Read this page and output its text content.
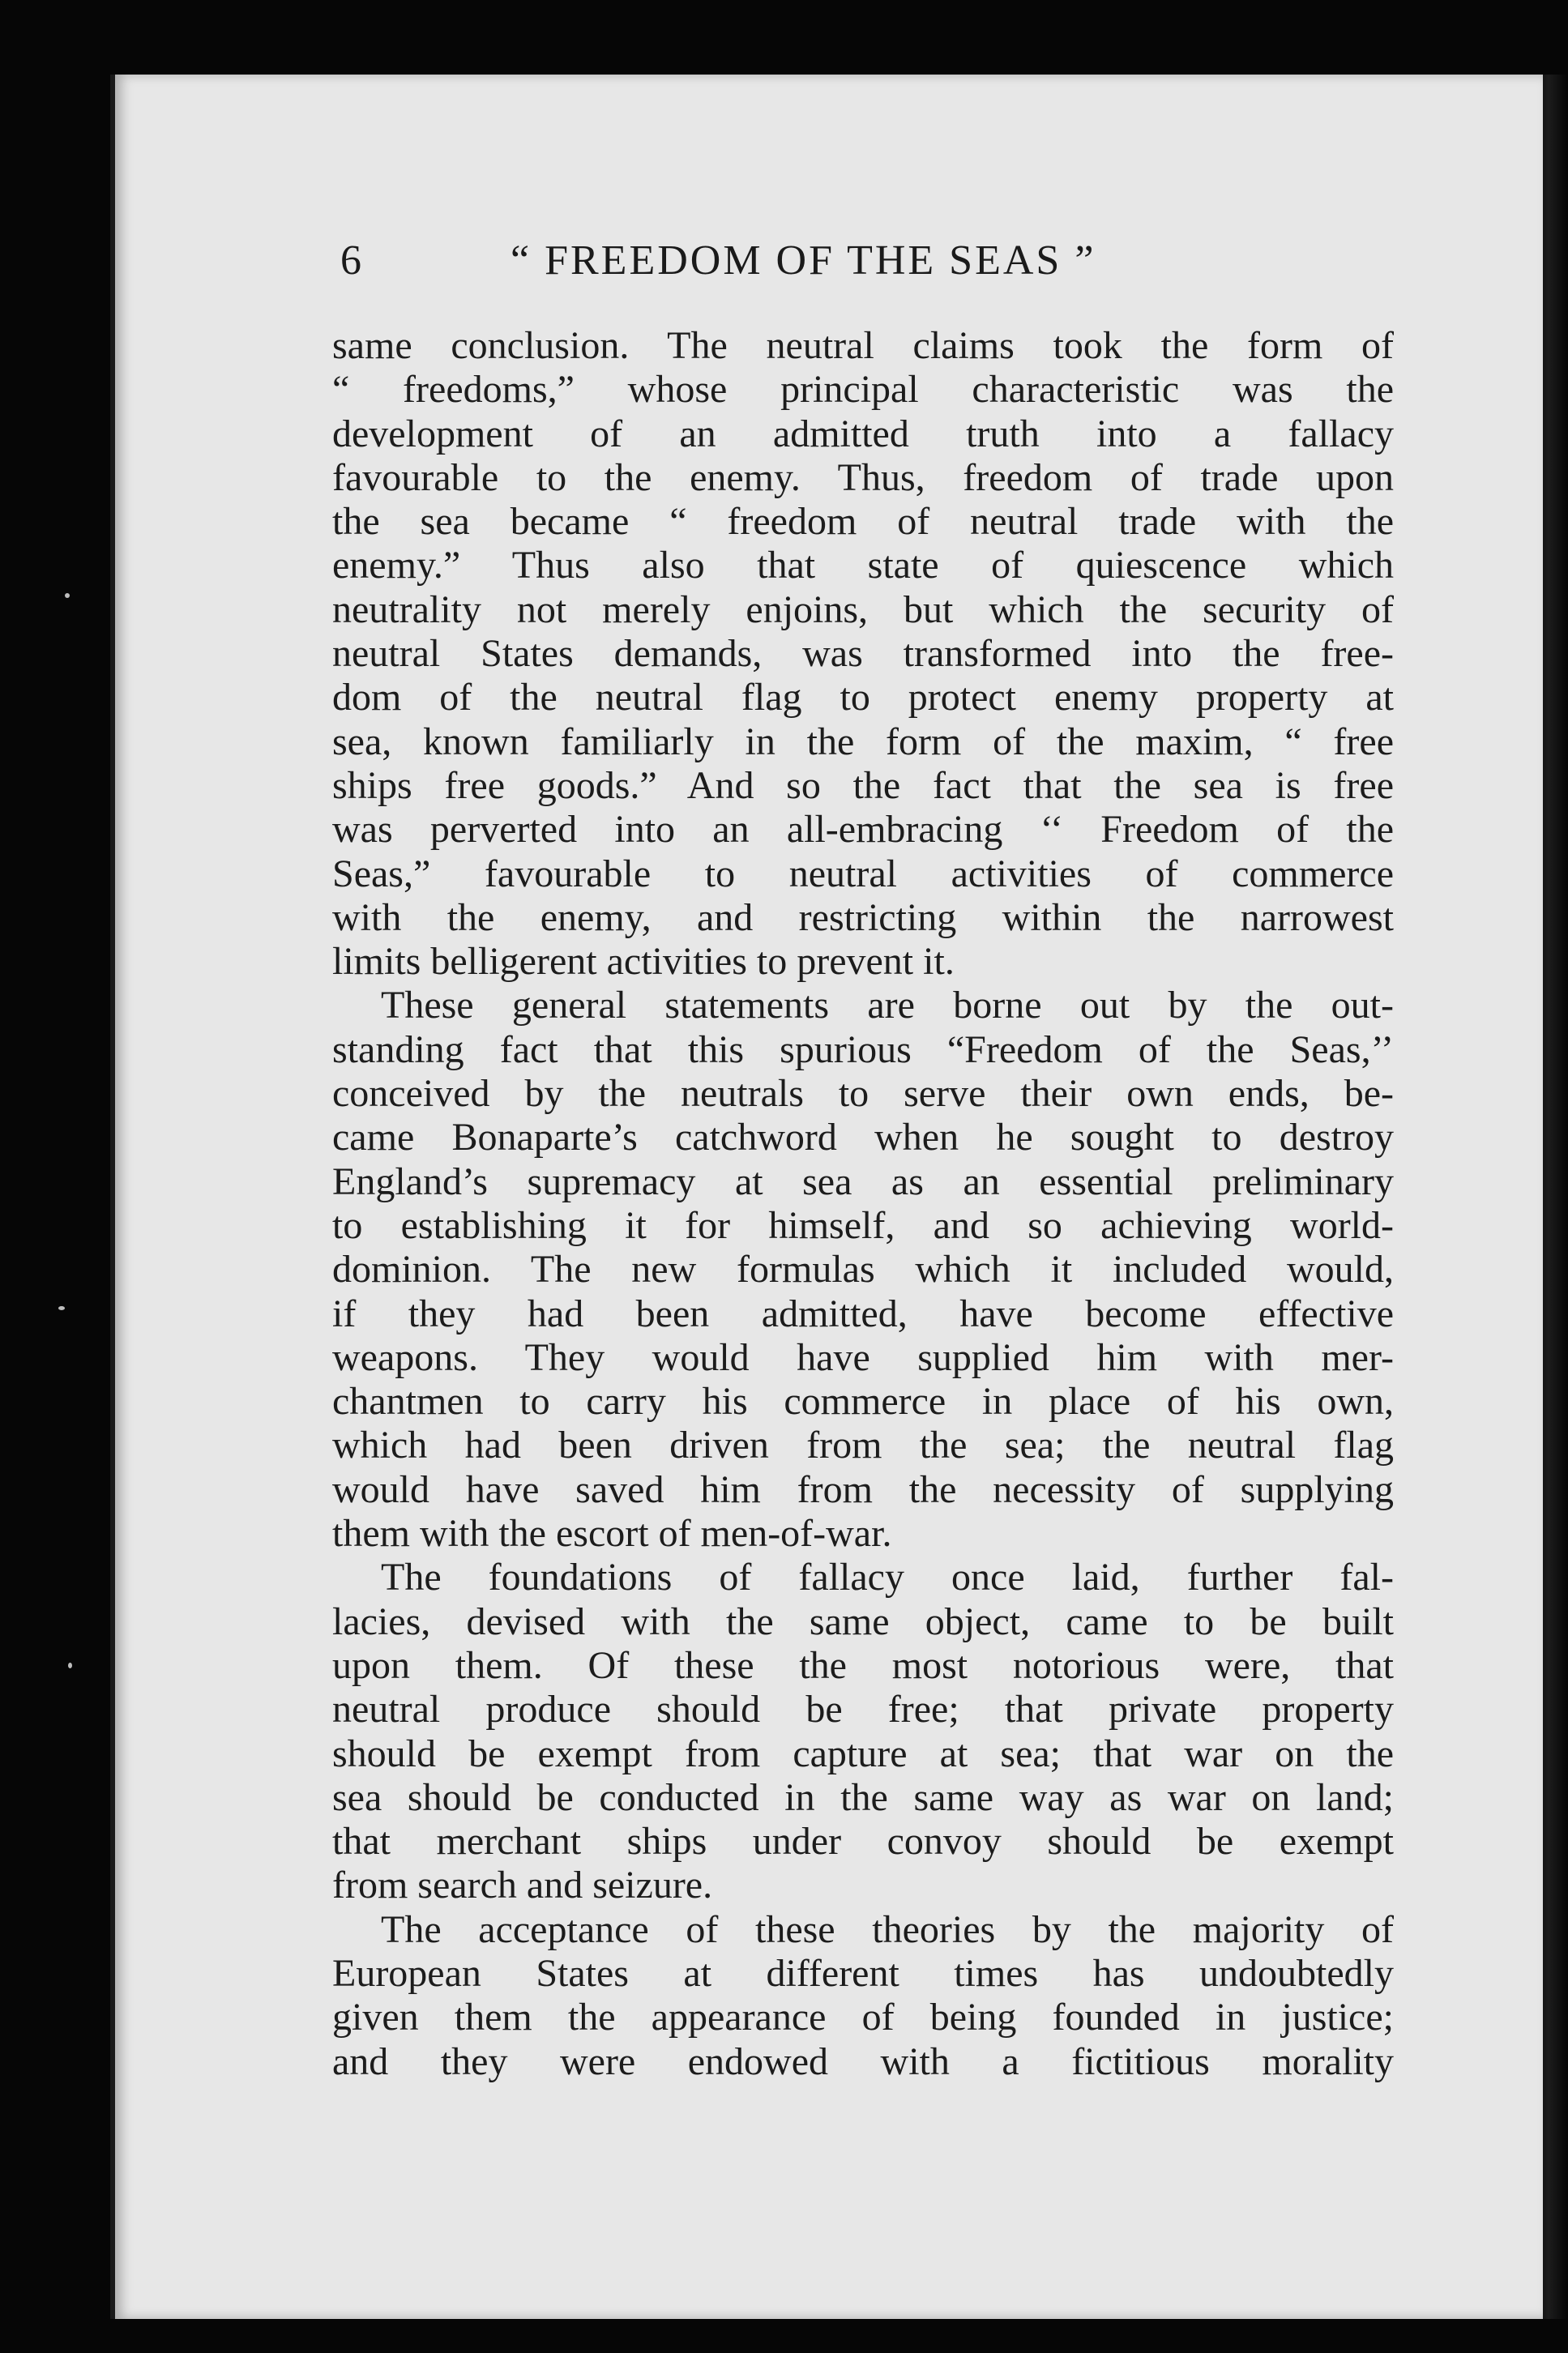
6	“ FREEDOM OF THE SEAS ”
same conclusion. The neutral claims took the form of
“ freedoms,” whose principal characteristic was the
development of an admitted truth into a fallacy
favourable to the enemy. Thus, freedom of trade upon
the sea became “ freedom of neutral trade with the
enemy.” Thus also that state of quiescence which
neutrality not merely enjoins, but which the security of
neutral States demands, was transformed into the free-
dom of the neutral flag to protect enemy property at
sea, known familiarly in the form of the maxim, “ free
ships free goods.” And so the fact that the sea is free
was perverted into an all-embracing ‘‘ Freedom of the
Seas,” favourable to neutral activities of commerce
with the enemy, and restricting within the narrowest
limits belligerent activities to prevent it.
These general statements are borne out by the out-
standing fact that this spurious “Freedom of the Seas,’’
conceived by the neutrals to serve their own ends, be-
came Bonaparte’s catchword when he sought to destroy
England’s supremacy at sea as an essential preliminary
to establishing it for himself, and so achieving world-
dominion. The new formulas which it included would,
if they had been admitted, have become effective
weapons. They would have supplied him with mer-
chantmen to carry his commerce in place of his own,
which had been driven from the sea; the neutral flag
would have saved him from the necessity of supplying
them with the escort of men-of-war.
The foundations of fallacy once laid, further fal-
lacies, devised with the same object, came to be built
upon them. Of these the most notorious were, that
neutral produce should be free; that private property
should be exempt from capture at sea; that war on the
sea should be conducted in the same way as war on land;
that merchant ships under convoy should be exempt
from search and seizure.
The acceptance of these theories by the majority of
European States at different times has undoubtedly
given them the appearance of being founded in justice;
and they were endowed with a fictitious morality
